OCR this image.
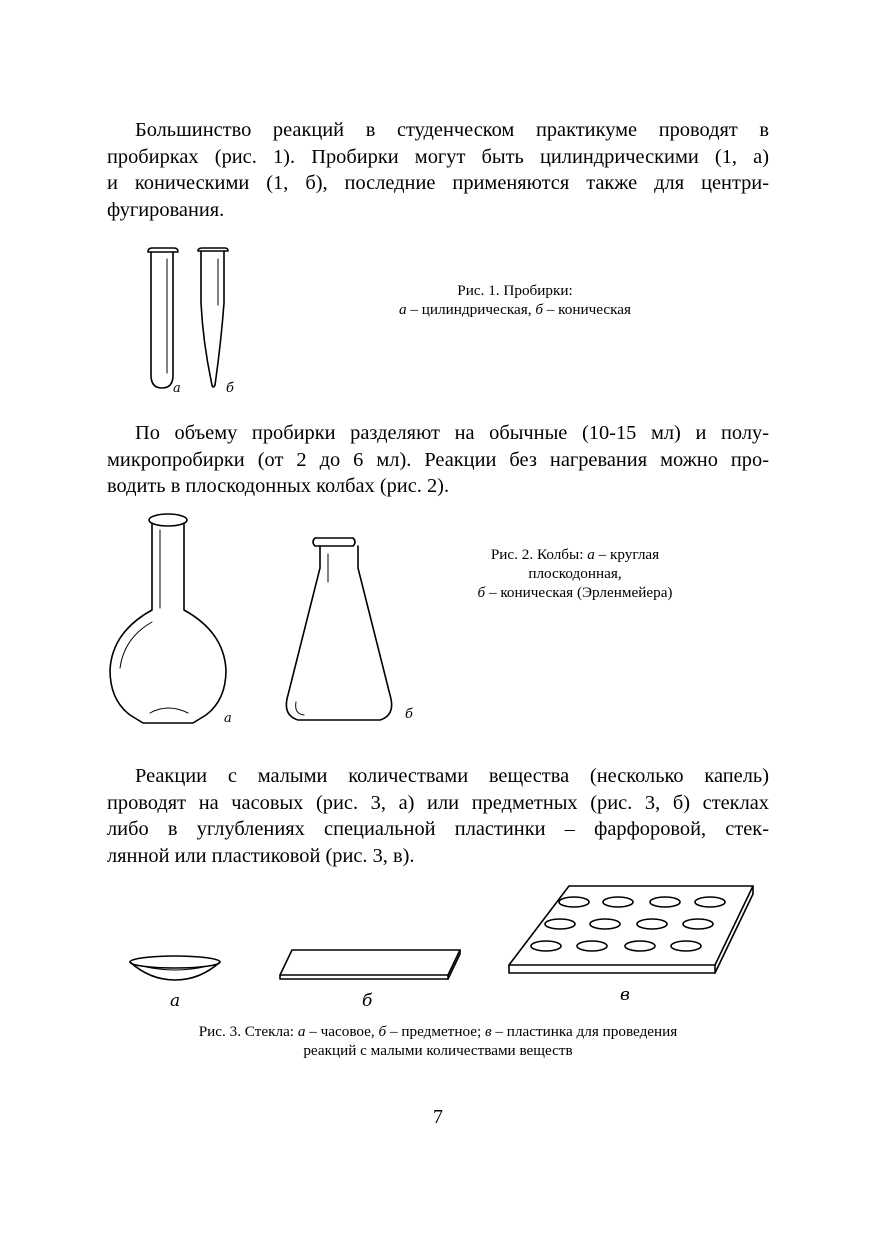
Большинство реакций в студенческом практикуме проводят в
пробирках (рис. 1). Пробирки могут быть цилиндрическими (1, а)
и коническими (1, б), последние применяются также для центри-
фугирования.

а	б
Рис. 1. Пробирки:
а – цилиндрическая, б – коническая

По объему пробирки разделяют на обычные (10-15 мл) и полу-
микропробирки (от 2 до 6 мл). Реакции без нагревания можно про-
водить в плоскодонных колбах (рис. 2).

а	б
Рис. 2. Колбы: а – круглая
плоскодонная,
б – коническая (Эрленмейера)

Реакции с малыми количествами вещества (несколько капель)
проводят на часовых (рис. 3, а) или предметных (рис. 3, б) стеклах
либо в углублениях специальной пластинки – фарфоровой, стек-
лянной или пластиковой (рис. 3, в).

а	б	в
Рис. 3. Стекла: а – часовое, б – предметное; в – пластинка для проведения
реакций с малыми количествами веществ
7
